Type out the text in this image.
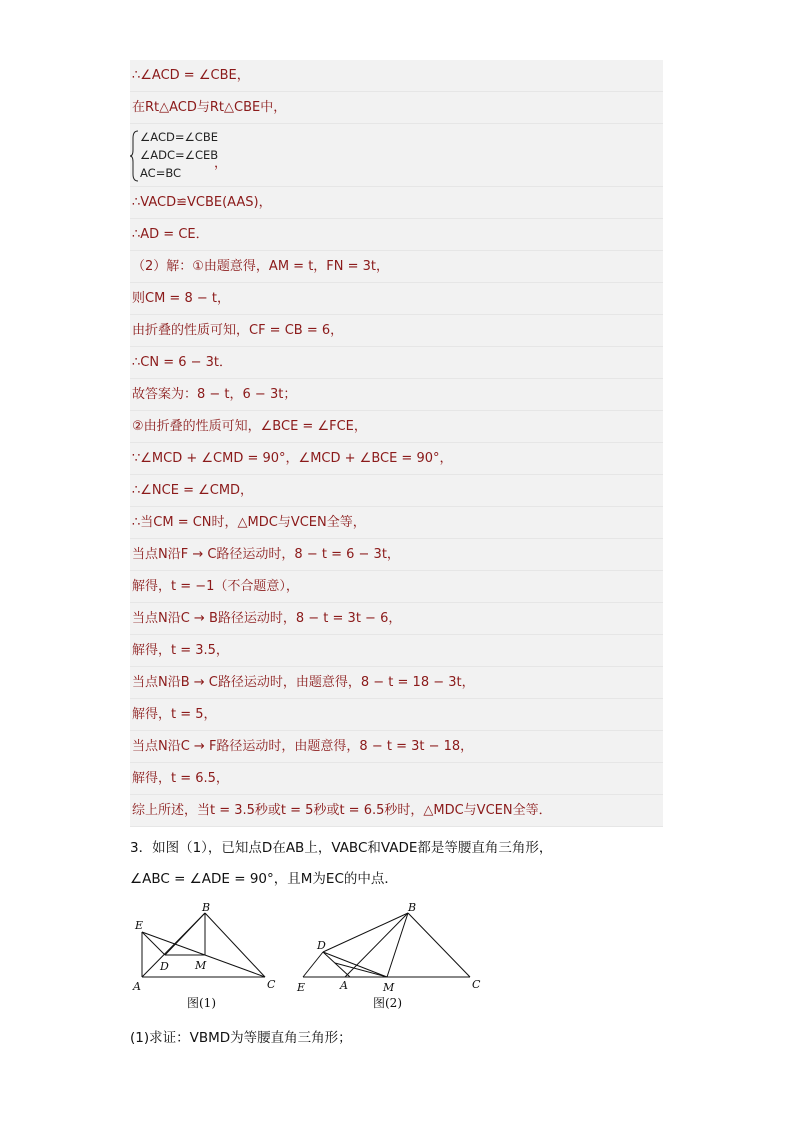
∴∠ACD = ∠CBE，
在Rt△ACD与Rt△CBE中，
∠ACD=∠CBE
∠ADC=∠CEB
AC=BC
，
∴VACD≌VCBE(AAS)，
∴AD = CE．
（2）解：①由题意得，AM = t，FN = 3t，
则CM = 8 − t，
由折叠的性质可知，CF = CB = 6，
∴CN = 6 − 3t．
故答案为：8 − t，6 − 3t；
②由折叠的性质可知，∠BCE = ∠FCE，
∵∠MCD + ∠CMD = 90°，∠MCD + ∠BCE = 90°，
∴∠NCE = ∠CMD，
∴当CM = CN时，△MDC与VCEN全等，
当点N沿F → C路径运动时，8 − t = 6 − 3t，
解得，t = −1（不合题意），
当点N沿C → B路径运动时，8 − t = 3t − 6，
解得，t = 3.5，
当点N沿B → C路径运动时，由题意得，8 − t = 18 − 3t，
解得，t = 5，
当点N沿C → F路径运动时，由题意得，8 − t = 3t − 18，
解得，t = 6.5，
综上所述，当t = 3.5秒或t = 5秒或t = 6.5秒时，△MDC与VCEN全等．
3．如图（1），已知点D在AB上，VABC和VADE都是等腰直角三角形，
∠ABC = ∠ADE = 90°，且M为EC的中点．
E
B
D M
A	C
图(1)
B
D
E	A	M	C
图(2)
(1)求证：VBMD为等腰直角三角形；
